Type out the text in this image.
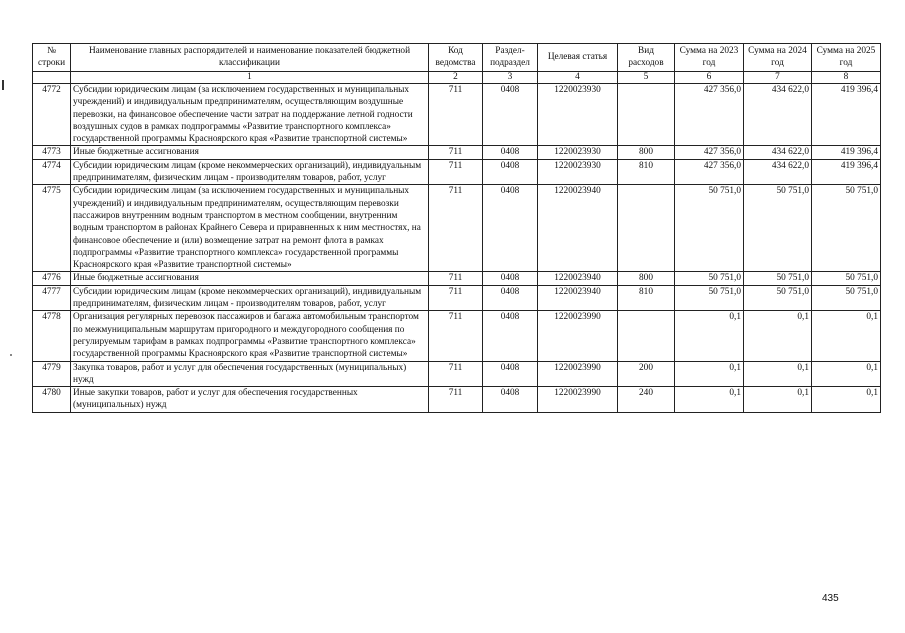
№ строки	Наименование главных распорядителей и наименование показателей бюджетной классификации	Код ведомства	Раздел-подраздел	Целевая статья	Вид расходов	Сумма на 2023 год	Сумма на 2024 год	Сумма на 2025 год
	1	2	3	4	5	6	7	8
4772	Субсидии юридическим лицам (за исключением государственных и муниципальных учреждений) и индивидуальным предпринимателям, осуществляющим воздушные перевозки, на финансовое обеспечение части затрат на поддержание летной годности воздушных судов в рамках подпрограммы «Развитие транспортного комплекса» государственной программы Красноярского края «Развитие транспортной системы»	711	0408	1220023930		427 356,0	434 622,0	419 396,4
4773	Иные бюджетные ассигнования	711	0408	1220023930	800	427 356,0	434 622,0	419 396,4
4774	Субсидии юридическим лицам (кроме некоммерческих организаций), индивидуальным предпринимателям, физическим лицам - производителям товаров, работ, услуг	711	0408	1220023930	810	427 356,0	434 622,0	419 396,4
4775	Субсидии юридическим лицам (за исключением государственных и муниципальных учреждений) и индивидуальным предпринимателям, осуществляющим перевозки пассажиров внутренним водным транспортом в местном сообщении, внутренним водным транспортом в районах Крайнего Севера и приравненных к ним местностях, на финансовое обеспечение и (или) возмещение затрат на ремонт флота в рамках подпрограммы «Развитие транспортного комплекса» государственной программы Красноярского края «Развитие транспортной системы»	711	0408	1220023940		50 751,0	50 751,0	50 751,0
4776	Иные бюджетные ассигнования	711	0408	1220023940	800	50 751,0	50 751,0	50 751,0
4777	Субсидии юридическим лицам (кроме некоммерческих организаций), индивидуальным предпринимателям, физическим лицам - производителям товаров, работ, услуг	711	0408	1220023940	810	50 751,0	50 751,0	50 751,0
4778	Организация регулярных перевозок пассажиров и багажа автомобильным транспортом по межмуниципальным маршрутам пригородного и междугородного сообщения по регулируемым тарифам в рамках подпрограммы «Развитие транспортного комплекса» государственной программы Красноярского края «Развитие транспортной системы»	711	0408	1220023990		0,1	0,1	0,1
4779	Закупка товаров, работ и услуг для обеспечения государственных (муниципальных) нужд	711	0408	1220023990	200	0,1	0,1	0,1
4780	Иные закупки товаров, работ и услуг для обеспечения государственных (муниципальных) нужд	711	0408	1220023990	240	0,1	0,1	0,1
435
